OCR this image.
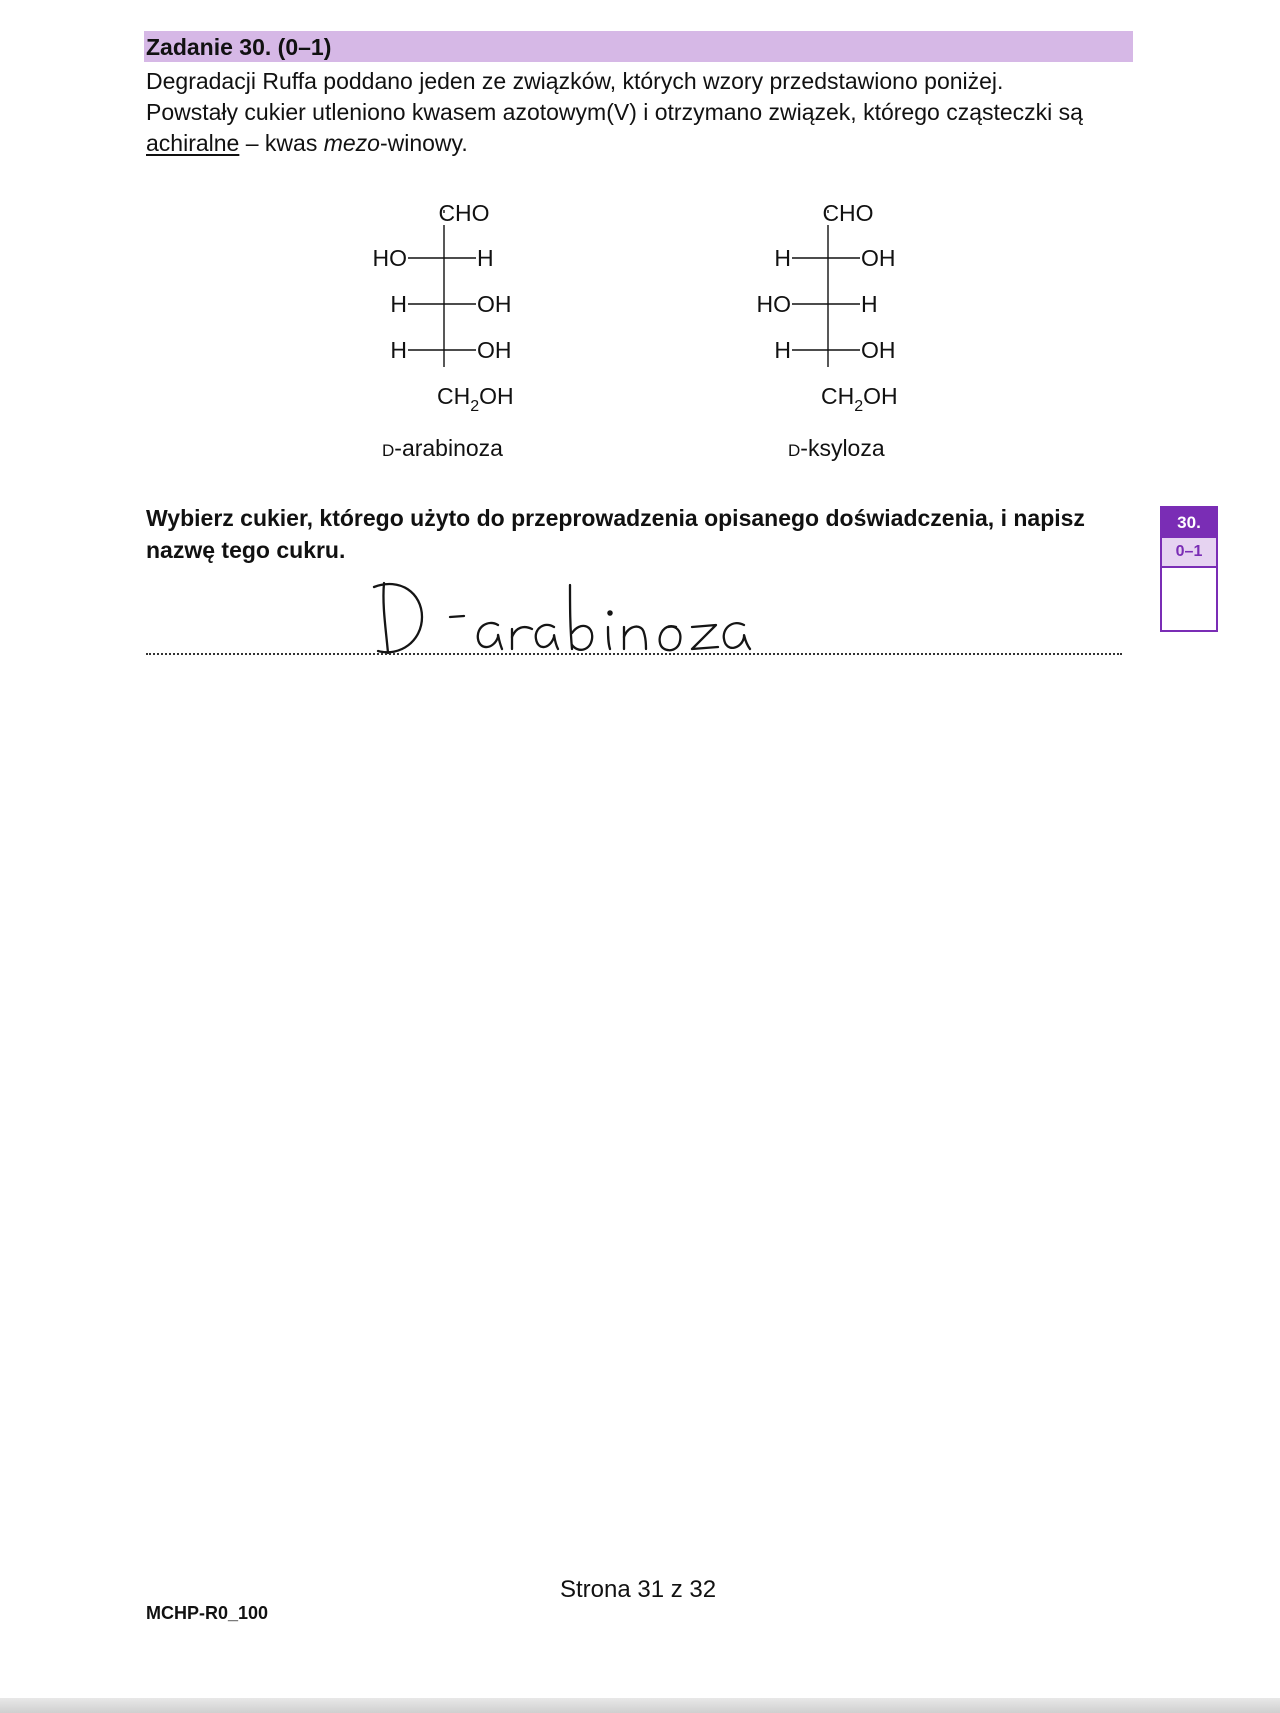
Zadanie 30. (0–1)

Degradacji Ruffa poddano jeden ze związków, których wzory przedstawiono poniżej.

Powstały cukier utleniono kwasem azotowym(V) i otrzymano związek, którego cząsteczki są

achiralne – kwas mezo-winowy.

CHO
HO	H
H	OH
H	OH
$CH_2OH$
D-arabinoza
CHO
H	OH
HO	H
H	OH
$CH_2OH$
D-ksyloza

Wybierz cukier, którego użyto do przeprowadzenia opisanego doświadczenia, i napisz

nazwę tego cukru.

30.
0–1
Strona 31 z 32
MCHP-R0_100
